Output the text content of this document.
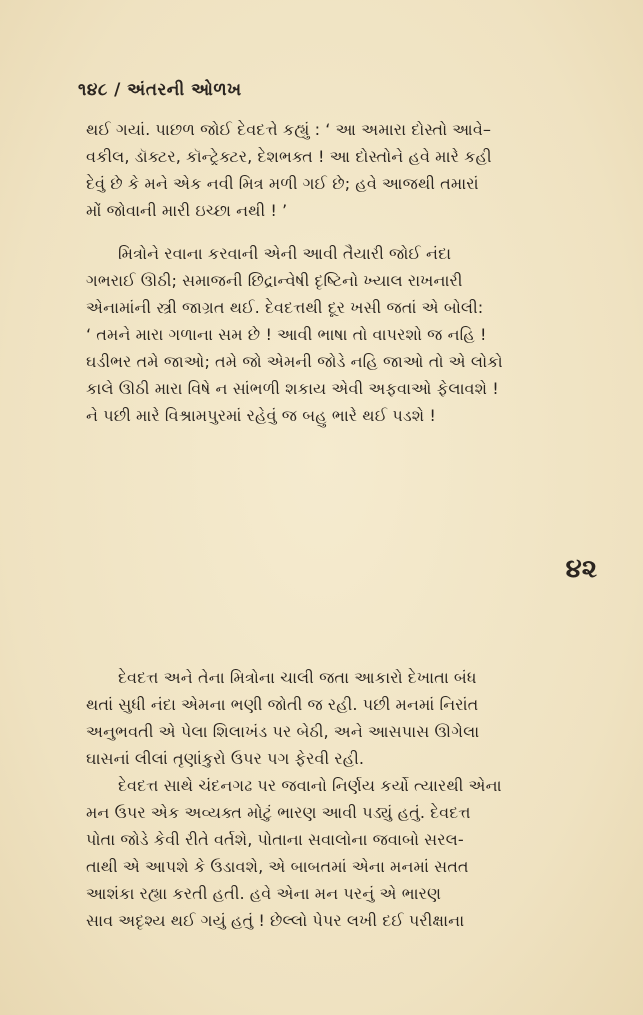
૧૪૮ / અંતરની ઓળખ
થઈ ગયાં. પાછળ જોઈ દેવદત્તે કહ્યું : ‘ આ અમારા દોસ્તો આવે–
વકીલ, ડૉક્ટર, કૉન્ટ્રેક્ટર, દેશભક્ત ! આ દોસ્તોને હવે મારે કહી
દેવું છે કે મને એક નવી મિત્ર મળી ગઈ છે; હવે આજથી તમારાં
મોં જોવાની મારી ઇચ્છા નથી ! ’
મિત્રોને રવાના કરવાની એની આવી તૈયારી જોઈ નંદા
ગભરાઈ ઊઠી; સમાજની છિદ્રાન્વેષી દૃષ્ટિનો ખ્યાલ રાખનારી
એનામાંની સ્ત્રી જાગ્રત થઈ. દેવદત્તથી દૂર ખસી જતાં એ બોલી:
‘ તમને મારા ગળાના સમ છે ! આવી ભાષા તો વાપરશો જ નહિ !
ઘડીભર તમે જાઓ; તમે જો એમની જોડે નહિ જાઓ તો એ લોકો
કાલે ઊઠી મારા વિષે ન સાંભળી શકાય એવી અફવાઓ ફેલાવશે !
ને પછી મારે વિશ્રામપુરમાં રહેવું જ બહુ ભારે થઈ પડશે !
૪૨
દેવદત્ત અને તેના મિત્રોના ચાલી જતા આકારો દેખાતા બંધ
થતાં સુધી નંદા એમના ભણી જોતી જ રહી. પછી મનમાં નિરાંત
અનુભવતી એ પેલા શિલાખંડ પર બેઠી, અને આસપાસ ઊગેલા
ઘાસનાં લીલાં તૃણાંકુરો ઉપર પગ ફેરવી રહી.
દેવદત્ત સાથે ચંદનગઢ પર જવાનો નિર્ણય કર્યો ત્યારથી એના
મન ઉપર એક અવ્યક્ત મોટું ભારણ આવી પડ્યું હતું. દેવદત્ત
પોતા જોડે કેવી રીતે વર્તશે, પોતાના સવાલોના જવાબો સરલ-
તાથી એ આપશે કે ઉડાવશે, એ બાબતમાં એના મનમાં સતત
આશંકા રહ્યા કરતી હતી. હવે એના મન પરનું એ ભારણ
સાવ અદૃશ્ય થઈ ગયું હતું ! છેલ્લો પેપર લખી દઈ પરીક્ષાના
